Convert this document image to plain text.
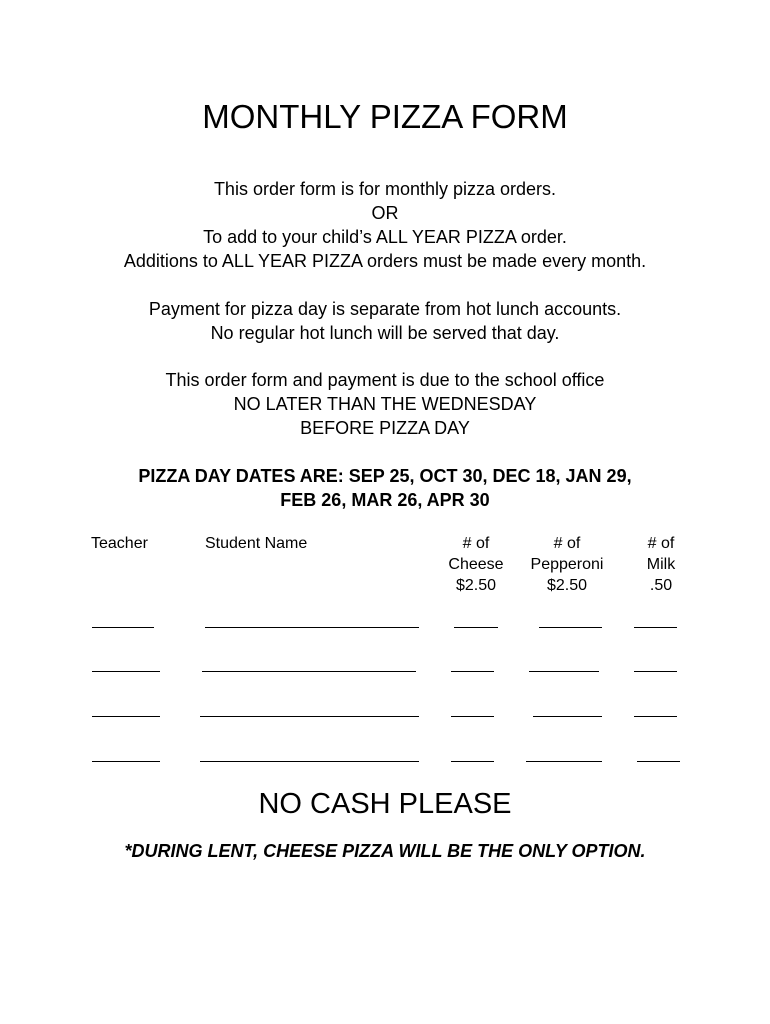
MONTHLY PIZZA FORM
This order form is for monthly pizza orders.
OR
To add to your child’s ALL YEAR PIZZA order.
Additions to ALL YEAR PIZZA orders must be made every month.
Payment for pizza day is separate from hot lunch accounts.
No regular hot lunch will be served that day.
This order form and payment is due to the school office
NO LATER THAN THE WEDNESDAY
BEFORE PIZZA DAY
PIZZA DAY DATES ARE: SEP 25, OCT 30, DEC 18, JAN 29,
FEB 26, MAR 26, APR 30
Teacher	Student Name	# of
Cheese
$2.50
# of
Pepperoni
$2.50
# of
Milk
.50
NO CASH PLEASE
*DURING LENT, CHEESE PIZZA WILL BE THE ONLY OPTION.
